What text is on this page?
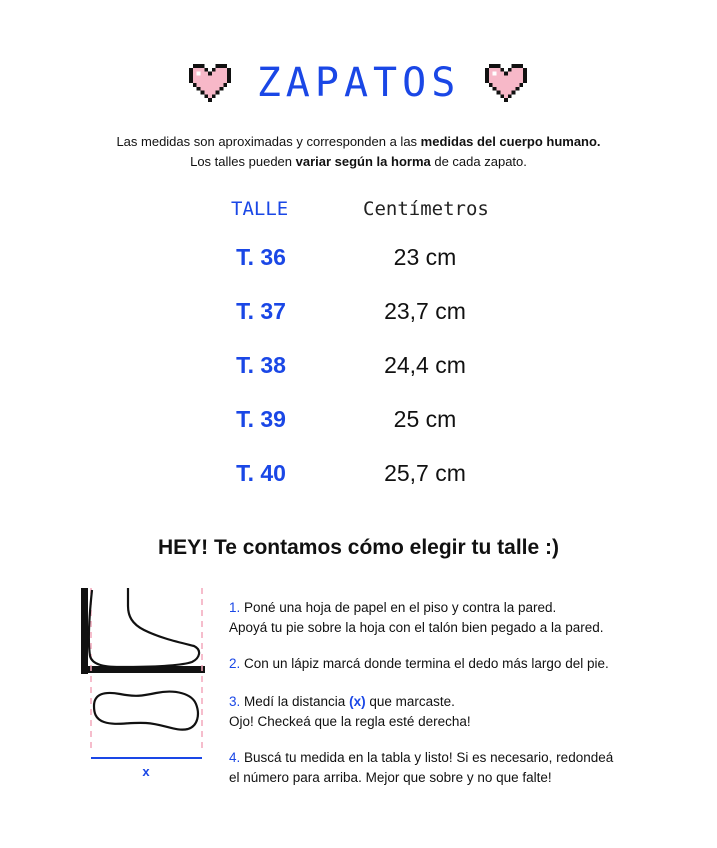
ZAPATOS
Las medidas son aproximadas y corresponden a las medidas del cuerpo humano.
Los talles pueden variar según la horma de cada zapato.
TALLE	Centímetros
T. 36	23 cm
T. 37	23,7 cm
T. 38	24,4 cm
T. 39	25 cm
T. 40	25,7 cm
HEY! Te contamos cómo elegir tu talle :)
x
1. Poné una hoja de papel en el piso y contra la pared.
Apoyá tu pie sobre la hoja con el talón bien pegado a la pared.
2. Con un lápiz marcá donde termina el dedo más largo del pie.
3. Medí la distancia (x) que marcaste.
Ojo! Checkeá que la regla esté derecha!
4. Buscá tu medida en la tabla y listo! Si es necesario, redondeá
el número para arriba. Mejor que sobre y no que falte!
